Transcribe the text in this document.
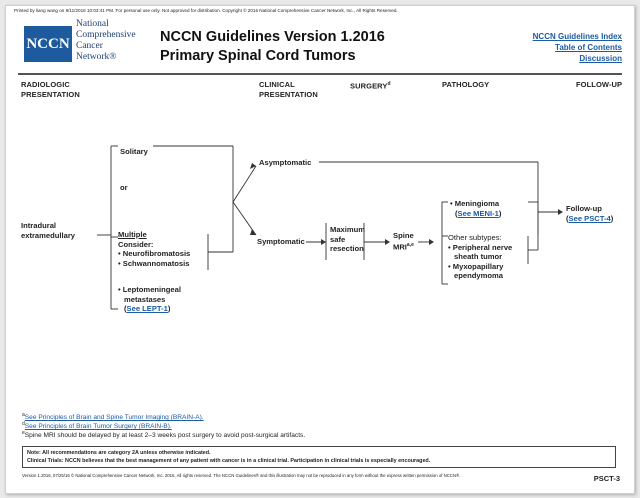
Printed by liang wang on 8/11/2016 10:03:41 PM. For personal use only. Not approved for distribution. Copyright © 2016 National Comprehensive Cancer Network, Inc., All Rights Reserved.
NCCN
National
Comprehensive
Cancer
Network®
NCCN Guidelines Version 1.2016
Primary Spinal Cord Tumors
NCCN Guidelines Index
Table of Contents
Discussion
RADIOLOGIC
PRESENTATION
CLINICAL
PRESENTATION
SURGERY$^d$	PATHOLOGY	FOLLOW-UP
Intradural
extramedullary
Solitary
or
Multiple
Consider:
• Neurofibromatosis
• Schwannomatosis
• Leptomeningeal
metastases
(See LEPT-1)
Asymptomatic
Symptomatic
Maximum
safe
resection
Spine
MRI$^{a,e}$
• Meningioma
(See MENI-1)
Other subtypes:
• Peripheral nerve
sheath tumor
• Myxopapillary
ependymoma
Follow-up
(See PSCT-4)
$^a$See Principles of Brain and Spine Tumor Imaging (BRAIN-A).
$^d$See Principles of Brain Tumor Surgery (BRAIN-B).
$^e$Spine MRI should be delayed by at least 2–3 weeks post surgery to avoid post-surgical artifacts.
Note: All recommendations are category 2A unless otherwise indicated.
Clinical Trials: NCCN believes that the best management of any patient with cancer is in a clinical trial. Participation in clinical trials is especially encouraged.
Version 1.2016, 07/25/16 © National Comprehensive Cancer Network, Inc. 2016, All rights reserved. The NCCN Guidelines® and this illustration may not be reproduced in any form without the express written permission of NCCN®.	PSCT-3
